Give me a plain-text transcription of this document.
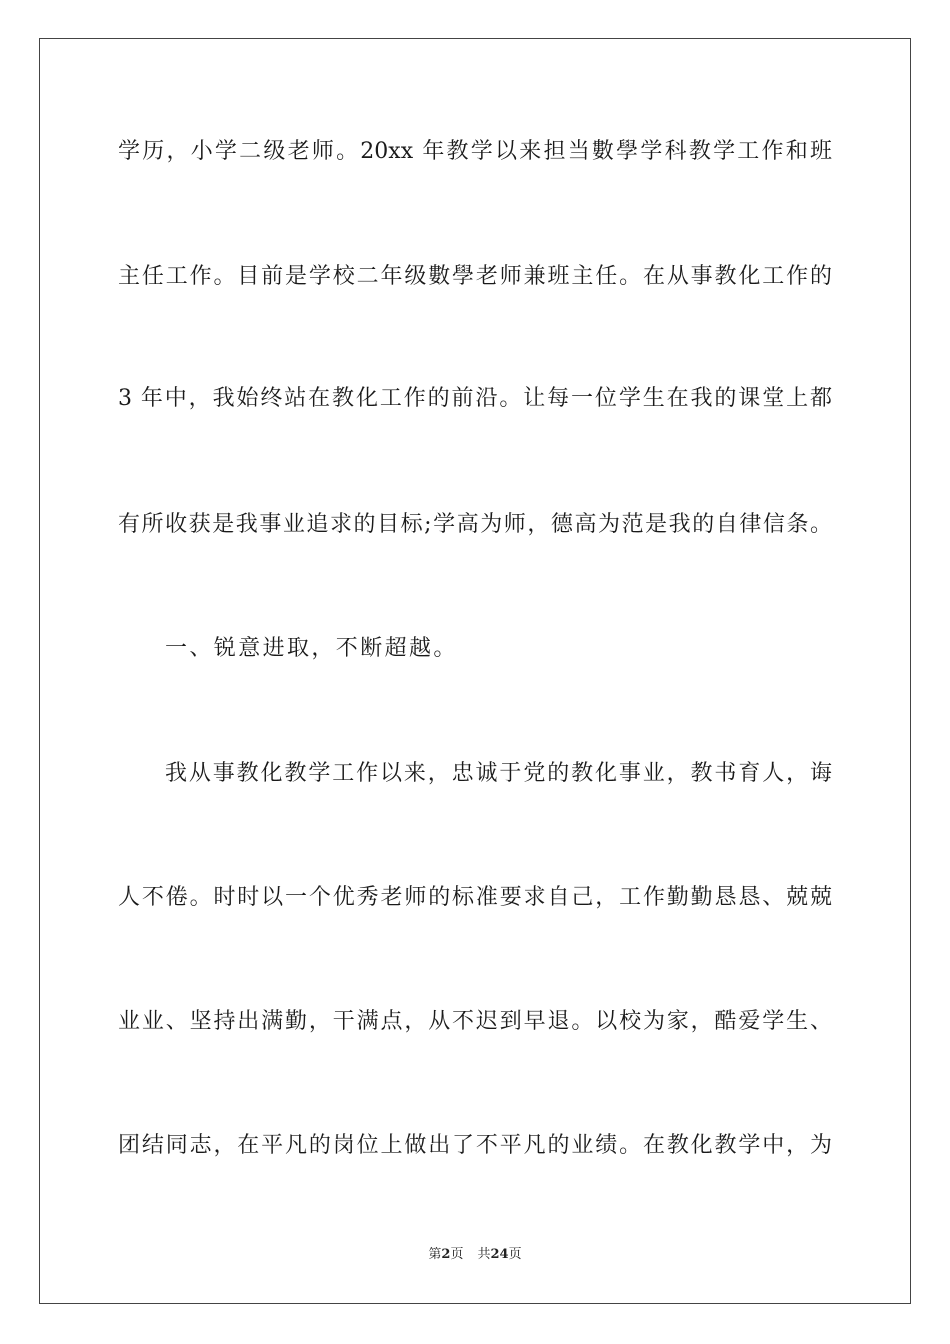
学历，小学二级老师。20xx 年教学以来担当數學学科教学工作和班
主任工作。目前是学校二年级數學老师兼班主任。在从事教化工作的
3 年中，我始终站在教化工作的前沿。让每一位学生在我的课堂上都
有所收获是我事业追求的目标;学高为师，德高为范是我的自律信条。
一、锐意进取，不断超越。
我从事教化教学工作以来，忠诚于党的教化事业，教书育人，诲
人不倦。时时以一个优秀老师的标准要求自己，工作勤勤恳恳、兢兢
业业、坚持出满勤，干满点，从不迟到早退。以校为家，酷爱学生、
团结同志，在平凡的岗位上做出了不平凡的业绩。在教化教学中，为
第2页 共24页
